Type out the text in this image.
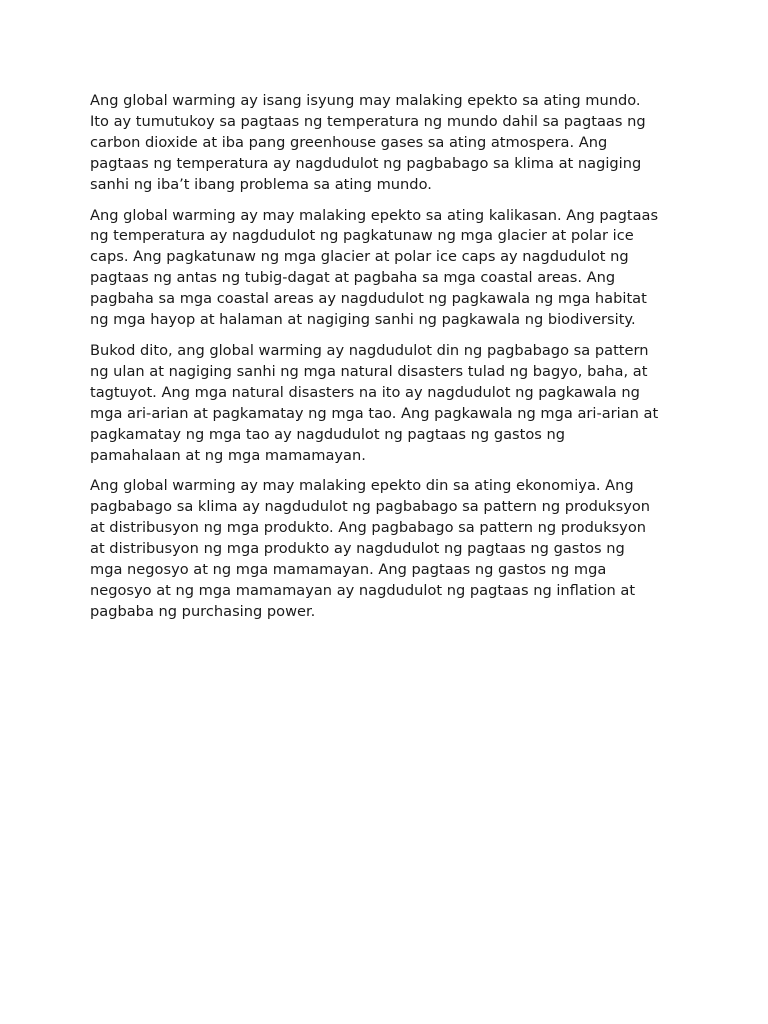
Ang global warming ay isang isyung may malaking epekto sa ating mundo.
Ito ay tumutukoy sa pagtaas ng temperatura ng mundo dahil sa pagtaas ng
carbon dioxide at iba pang greenhouse gases sa ating atmospera. Ang
pagtaas ng temperatura ay nagdudulot ng pagbabago sa klima at nagiging
sanhi ng iba’t ibang problema sa ating mundo.

Ang global warming ay may malaking epekto sa ating kalikasan. Ang pagtaas
ng temperatura ay nagdudulot ng pagkatunaw ng mga glacier at polar ice
caps. Ang pagkatunaw ng mga glacier at polar ice caps ay nagdudulot ng
pagtaas ng antas ng tubig-dagat at pagbaha sa mga coastal areas. Ang
pagbaha sa mga coastal areas ay nagdudulot ng pagkawala ng mga habitat
ng mga hayop at halaman at nagiging sanhi ng pagkawala ng biodiversity.

Bukod dito, ang global warming ay nagdudulot din ng pagbabago sa pattern
ng ulan at nagiging sanhi ng mga natural disasters tulad ng bagyo, baha, at
tagtuyot. Ang mga natural disasters na ito ay nagdudulot ng pagkawala ng
mga ari-arian at pagkamatay ng mga tao. Ang pagkawala ng mga ari-arian at
pagkamatay ng mga tao ay nagdudulot ng pagtaas ng gastos ng
pamahalaan at ng mga mamamayan.

Ang global warming ay may malaking epekto din sa ating ekonomiya. Ang
pagbabago sa klima ay nagdudulot ng pagbabago sa pattern ng produksyon
at distribusyon ng mga produkto. Ang pagbabago sa pattern ng produksyon
at distribusyon ng mga produkto ay nagdudulot ng pagtaas ng gastos ng
mga negosyo at ng mga mamamayan. Ang pagtaas ng gastos ng mga
negosyo at ng mga mamamayan ay nagdudulot ng pagtaas ng inflation at
pagbaba ng purchasing power.
